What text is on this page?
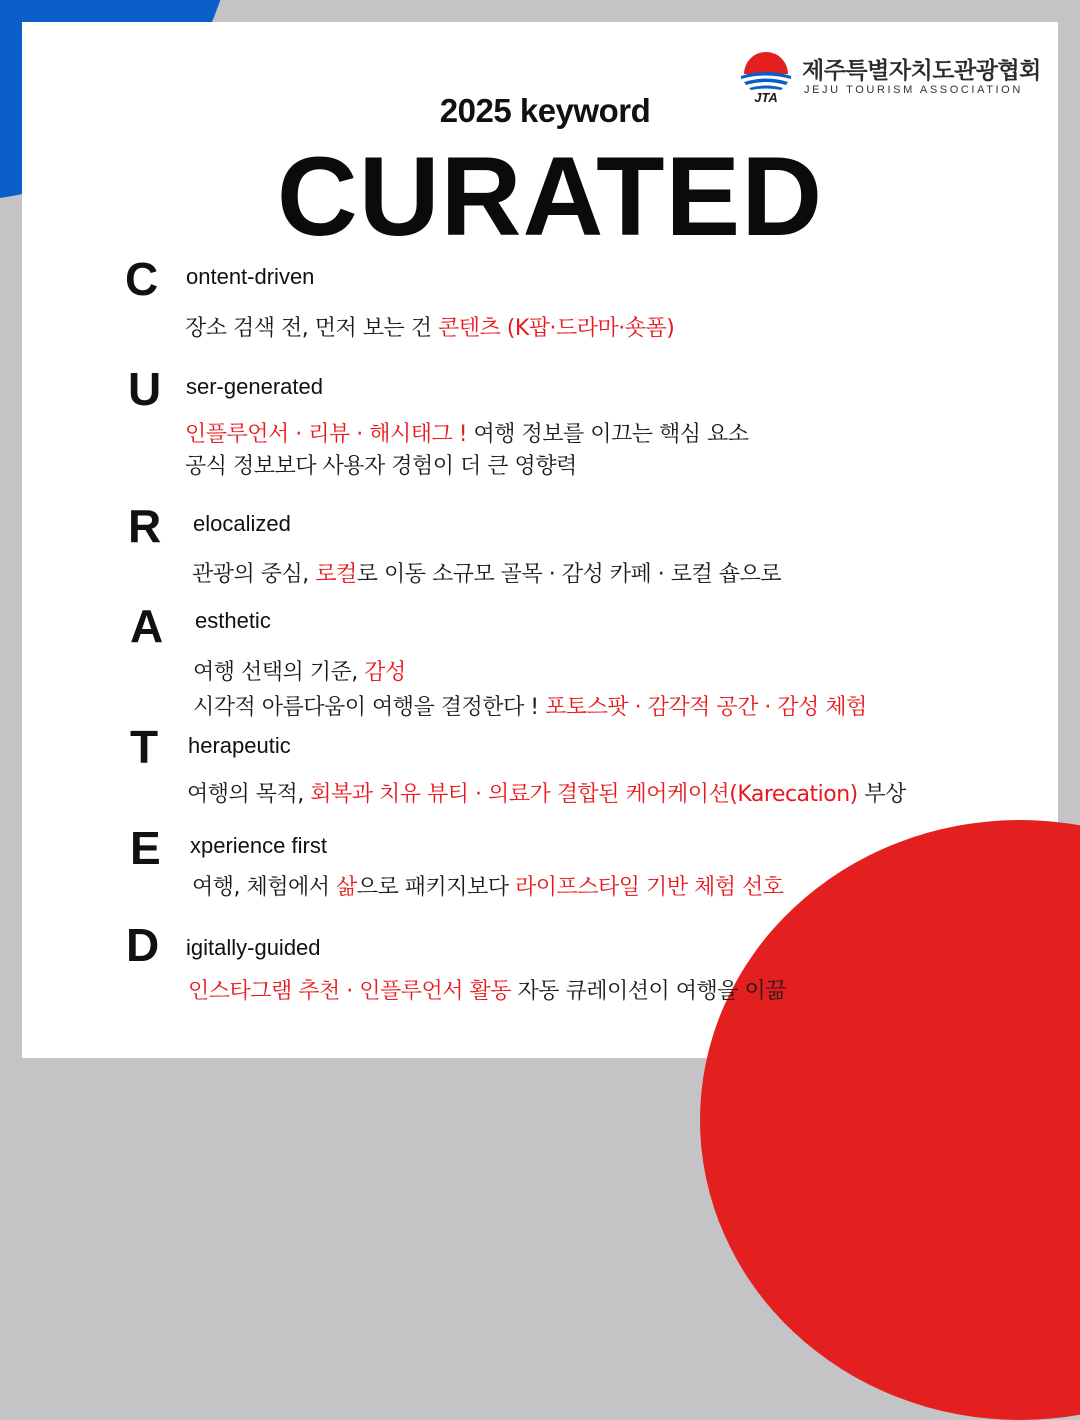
JTA
제주특별자치도관광협회
JEJU TOURISM ASSOCIATION
2025 keyword
CURATED
C ontent-driven
장소 검색 전, 먼저 보는 건 콘텐츠 (K팝·드라마·숏폼)
U ser-generated
인플루언서 · 리뷰 · 해시태그 ! 여행 정보를 이끄는 핵심 요소
공식 정보보다 사용자 경험이 더 큰 영향력
R elocalized
관광의 중심, 로컬로 이동 소규모 골목 · 감성 카페 · 로컬 숍으로
A esthetic
여행 선택의 기준, 감성
시각적 아름다움이 여행을 결정한다 ! 포토스팟 · 감각적 공간 · 감성 체험
T herapeutic
여행의 목적, 회복과 치유 뷰티 · 의료가 결합된 케어케이션(Karecation) 부상
E xperience first
여행, 체험에서 삶으로 패키지보다 라이프스타일 기반 체험 선호
D igitally-guided
인스타그램 추천 · 인플루언서 활동 자동 큐레이션이 여행을 이끎
